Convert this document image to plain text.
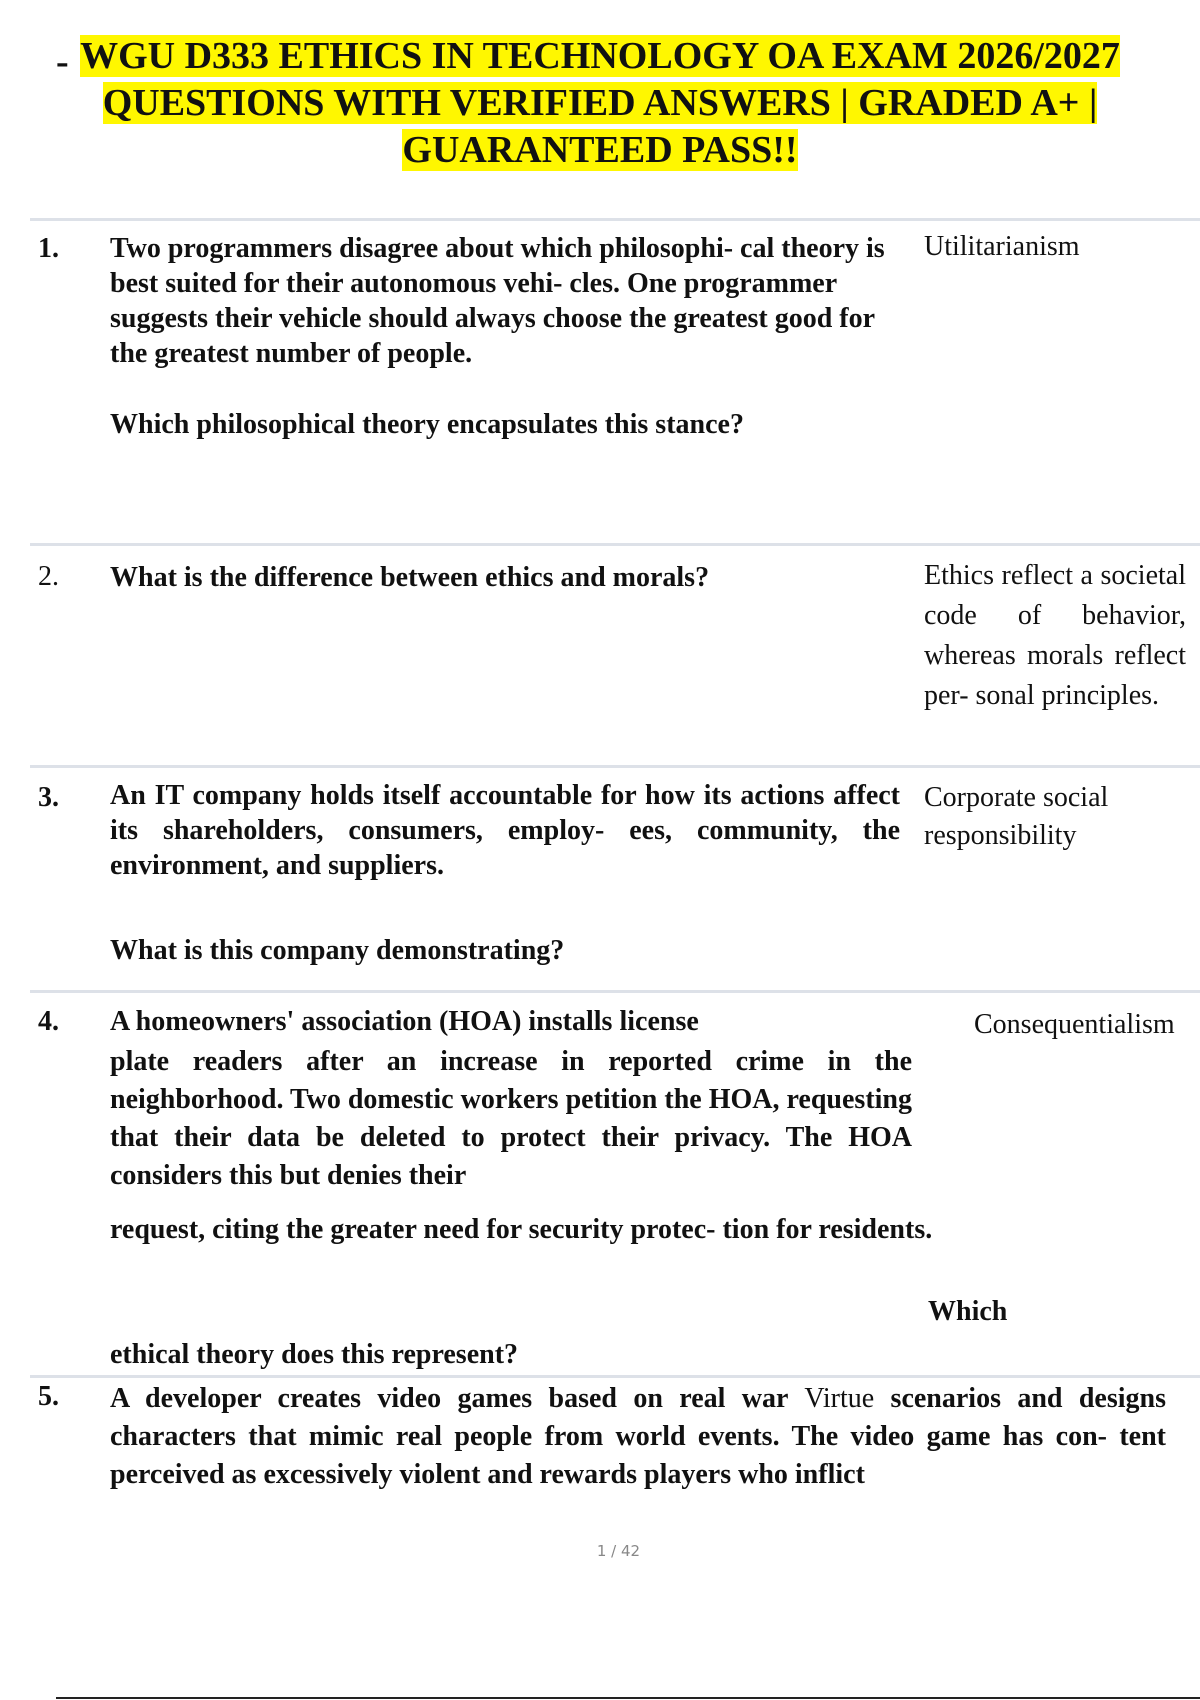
- WGU D333 ETHICS IN TECHNOLOGY OA EXAM 2026/2027
QUESTIONS WITH VERIFIED ANSWERS | GRADED A+ |
GUARANTEED PASS!!
1. Two programmers disagree about which philosophi- cal theory is best suited for their autonomous vehi- cles. One programmer suggests their vehicle should always choose the greatest good for the greatest number of people.

Which philosophical theory encapsulates this stance?

Utilitarianism
2. What is the difference between ethics and morals?	Ethics reflect a societal code of behavior, whereas morals reflect per- sonal principles.
3. An IT company holds itself accountable for how its actions affect its shareholders, consumers, employ- ees, community, the environment, and suppliers.

What is this company demonstrating?

Corporate social responsibility
4. A homeowners' association (HOA) installs license

plate readers after an increase in reported crime in the neighborhood. Two domestic workers petition the HOA, requesting that their data be deleted to protect their privacy. The HOA considers this but denies their
request, citing the greater need for security protec- tion for residents.
Which
ethical theory does this represent?
Consequentialism
5. A developer creates video games based on real war Virtue scenarios and designs characters that mimic real people from world events. The video game has con- tent perceived as excessively violent and rewards players who inflict
1 / 42
